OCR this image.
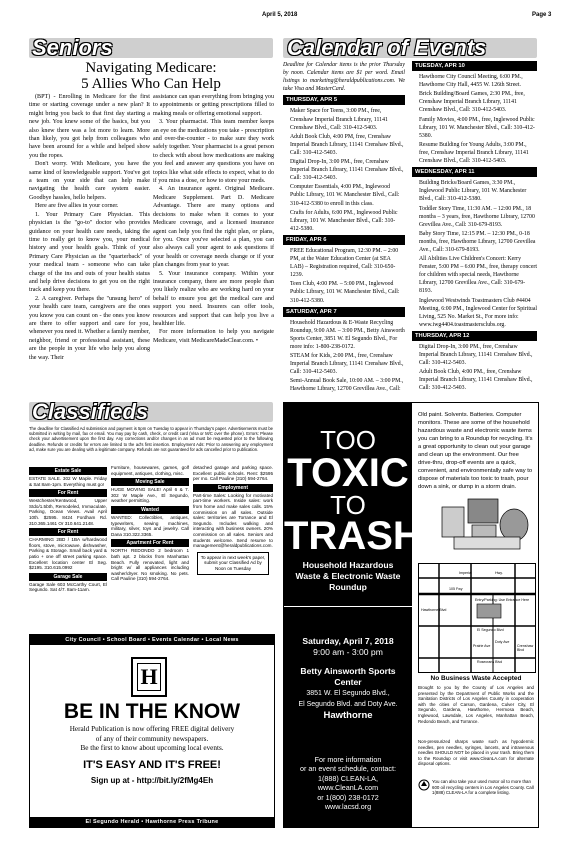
April 5, 2018	Page 3
Seniors
Navigating Medicare:
5 Allies Who Can Help

(BPT) - Enrolling in Medicare for the first time or starting coverage under a new plan? It might bring you back to that first day starting a new job. You knew some of the basics, but you also knew there was a lot more to learn. More than likely, you got help from colleagues who have been around for a while and helped show you the ropes.

Don't worry. With Medicare, you have the same kind of knowledgeable support. You've got a team on your side that can help make navigating the health care system easier. Goodbye hassles, hello helpers.

Here are five allies in your corner.

1. Your Primary Care Physician. This physician is the "go-to" doctor who provides guidance on your health care needs, taking the time to really get to know you, your medical history and your health goals. Think of your Primary Care Physician as the "quarterback" of your medical team - someone who can take charge of the ins and outs of your health status and help drive decisions to get you on the right track and keep you there.

2. A caregiver. Perhaps the "unsung hero" of your health care team, caregivers are the ones you know you can count on - the ones you know are there to offer support and care for you, whenever you need it. Whether a family member, neighbor, friend or professional assistant, these are the people in your life who help you along the way. Their

assistance can span everything from bringing you to appointments or getting prescriptions filled to making meals or offering emotional support.

3. Your pharmacist. This team member keeps an eye on the medications you take - prescription and over-the-counter - to make sure they work safely together. Your pharmacist is a great person to check with about how medications are making you feel and answer any questions you have on topics like what side effects to expect, what to do if you miss a dose, or how to store your meds.

4. An insurance agent. Original Medicare. Medicare Supplement. Part D. Medicare Advantage. There are many options and decisions to make when it comes to your Medicare coverage, and a licensed insurance agent can help you find the right plan, or plans, for you. Once you've selected a plan, you can also always call your agent to ask questions if your health or coverage needs change or if your plan changes from year to year.

5. Your insurance company. Within your insurance company, there are more people than you likely realize who are working hard on your behalf to ensure you get the medical care and support you need. Insurers can offer tools, resources and support that can help you live a healthier life.

For more information to help you navigate Medicare, visit MedicareMadeClear.com. •

Calendar of Events
Deadline for Calendar items is the prior Thursday by noon. Calendar items are $1 per word. Email listings to marketing@heraldpublications.com. We take Visa and MasterCard.
THURSDAY, APR 5
• Maker Space for Teens, 3:00 PM., free, Crenshaw Imperial Branch Library, 11141 Crenshaw Blvd., Call: 310-412-5403.
• Adult Book Club, 4:00 PM, free, Crenshaw Imperial Branch Library, 11141 Crenshaw Blvd., Call: 310-412-5403.
• Digital Drop-In, 3:00 PM., free, Crenshaw Imperial Branch Library, 11141 Crenshaw Blvd., Call: 310-412-5403.
• Computer Essentials, 4:00 PM., Inglewood Public Library, 101 W. Manchester Blvd., Call: 310-412-5380 to enroll in this class.
• Crafts for Adults, 6:00 PM., Inglewood Public Library, 101 W. Manchester Blvd., Call: 310-412-5380.
FRIDAY, APR 6
• FREE Educational Program, 12:30 PM. – 2:00 PM, at the Water Education Center (at SEA LAB) – Registration required, Call: 310-650-1239.
• Teen Club, 4:00 PM. – 5:00 PM., Inglewood Public Library, 101 W. Manchester Blvd., Call: 310-412-5380.
SATURDAY, APR 7
• Household Hazardous & E-Waste Recycling Roundup, 9:00 AM. – 3:00 PM., Betty Ainsworth Sports Center, 3851 W. El Segundo Blvd., For more info: 1-800-238-0172.
• STEAM for Kids, 2:00 PM., free, Crenshaw Imperial Branch Library, 11141 Crenshaw Blvd., Call: 310-412-5403.
• Semi-Annual Book Sale, 10:00 AM. – 3:00 PM., Hawthorne Library, 12700 Grevillea Ave., Call:
TUESDAY, APR 10
• Hawthorne City Council Meeting, 6:00 PM., Hawthorne City Hall, 4455 W. 126th Street.
• Brick Building/Board Games, 2:30 PM., free, Crenshaw Imperial Branch Library, 11141 Crenshaw Blvd., Call: 310-412-5403.
• Family Movies, 4:00 PM., free, Inglewood Public Library, 101 W. Manchester Blvd., Call: 310-412-5380.
• Resume Building for Young Adults, 3:00 PM., free, Crenshaw Imperial Branch Library, 11141 Crenshaw Blvd., Call: 310-412-5403.
WEDNESDAY, APR 11
• Building Bricks/Board Games, 3:30 PM., Inglewood Public Library, 101 W. Manchester Blvd., Call: 310-412-5380.
• Toddler Story Time, 11:30 AM. – 12:00 PM., 18 months – 3 years, free, Hawthorne Library, 12700 Grevillea Ave., Call: 310-679-8193.
• Baby Story Time, 12:15 PM. – 12:30 PM., 0-18 months, free, Hawthorne Library, 12700 Grevillea Ave., Call: 310-679-8193.
• All Abilities Live Children's Concert: Kerry Fenster, 5:00 PM – 6:00 PM., free, therapy concert for children with special needs, Hawthorne Library, 12700 Grevillea Ave., Call: 310-679-8193.
• Inglewood Westwinds Toastmasters Club #4404 Meeting, 6:00 PM., Inglewood Center for Spiritual Living, 525 No. Market St., For more info: www.iwg4404.toastmastersclubs.org.
THURSDAY, APR 12
• Digital Drop-In, 3:00 PM., free, Crenshaw Imperial Branch Library, 11141 Crenshaw Blvd., Call: 310-412-5403.
• Adult Book Club, 4:00 PM., free, Crenshaw Imperial Branch Library, 11141 Crenshaw Blvd., Call: 310-412-5403.
Classifieds
The deadline for Classified Ad submission and payment is 5pm on Tuesday to appear in Thursday's paper. Advertisements must be submitted in writing by mail, fax or email. You may pay by cash, check, or credit card (Visa or M/C over the phone). Errors: Please check your advertisement upon the first day. Any corrections and/or changes in an ad must be requested prior to the following deadline. Refunds or credits for errors are limited to the ad's first insertion. Employment Ads: Prior to answering any employment ad, make sure you are dealing with a legitimate company. Refunds are not guaranteed for ads cancelled prior to publication.
Estate Sale
ESTATE SALE. 302 W Maple. Friday & Sat 8am-1pm. Everything must go!
For Rent
Westchester/Kentwood, Upper Stdo/1.5bth, Remodeled, Immaculate, Parking, Ocean Views. Avail April 10th. $2595. 8424 Fordham Rd. 310.365.1461 Or 310.641.2148.
For Rent
CHARMING 2BD / 1BA w/hardwood floors, stove, microwave, dishwasher, Parking & Storage. Small back yard & patio + one off street parking space. Excellent location center El Seg. $2195. 310.615.0992
Garage Sale
Garage Sale 603 McCarthy Court, El Segundo. Sat 4/7. 8am-11am.
Furniture, housewares, games, golf equipment, antiques, clothing, misc.
Moving Sale
HUGE MOVING SALE! April 6 & 7. 302 W Maple Ave., El Segundo, weather permitting.
Wanted
WANTED: Collectibles, antiques, typewriters, sewing machines, military, silver, toys and jewelry. Call Dana 310.322.3365.
Apartment For Rent
NORTH REDONDO 2 bedroom 1 bath apt. 2 blocks from Manhattan Beach. Fully renovated, light and bright w/ all appliances including washer/dryer. No smoking. No pets. Call Pauline (310) 594-2764.
detached garage and parking space. Excellent public schools. Rent: $2595 per mo. Call Pauline (310) 594-2764.
Employment
Part-time Sales: Looking for motivated part-time workers. Inside sales: work from home and make sales calls. 15% commission on all sales. Outside sales: territories are Torrance and El Segundo. Includes walking and interacting with business owners. 20% commission on all sales. Seniors and students welcome. Send resume to management@heraldpublications.com.
To appear in next week's paper, submit your Classified Ad by Noon on Tuesday
City Council • School Board • Events Calendar • Local News
H
BE IN THE KNOW
Herald Publication is now offering FREE digital delivery
of any of their community newspapers.
Be the first to know about upcoming local events.
IT'S EASY AND IT'S FREE!
Sign up at - http://bit.ly/2fMg4Eh
El Segundo Herald • Hawthorne Press Tribune
TOO
TOXIC
TO
TRASH
Household Hazardous
Waste & Electronic Waste
Roundup
Saturday, April 7, 2018
9:00 am - 3:00 pm
Betty Ainsworth Sports
Center
3851 W. El Segundo Blvd.,
El Segundo Blvd. and Doty Ave.
Hawthorne
For more information
or an event schedule, contact:
1(888) CLEAN-LA,
www.CleanLA.com
or 1(800) 238-0172
www.lacsd.org
Old paint. Solvents. Batteries. Computer monitors. These are some of the household hazardous waste and electronic waste items you can bring to a Roundup for recycling. It's a great opportunity to clean out your garage and clean up the environment. Our free drive-thru, drop-off events are a quick, convenient, and environmentally safe way to dispose of materials too toxic to trash, pour down a sink, or dump in a storm drain.
Imperial	Hwy.
105 Fwy
El Segundo Blvd
Doty Ave
Prairie Ave
Rosecrans Blvd
Crenshaw Blvd
Entry/Parking: Use Entrance Here
Hawthorne Blvd
No Business Waste Accepted
Brought to you by the County of Los Angeles and presented by the Department of Public Works and the Sanitation Districts of Los Angeles County in cooperation with the cities of Carson, Gardena, Culver City, El Segundo, Gardena, Hawthorne, Hermosa Beach, Inglewood, Lawndale, Los Angeles, Manhattan Beach, Redondo Beach, and Torrance.
Non-pressurized sharps waste such as hypodermic needles, pen needles, syringes, lancets, and intravenous needles SHOULD NOT be placed in your trash. Bring them to the Roundup or visit www.CleanLA.com for alternate disposal options.
You can also take your used motor oil to more than 600 oil recycling centers in Los Angeles County. Call 1(888) CLEAN-LA for a complete listing.
